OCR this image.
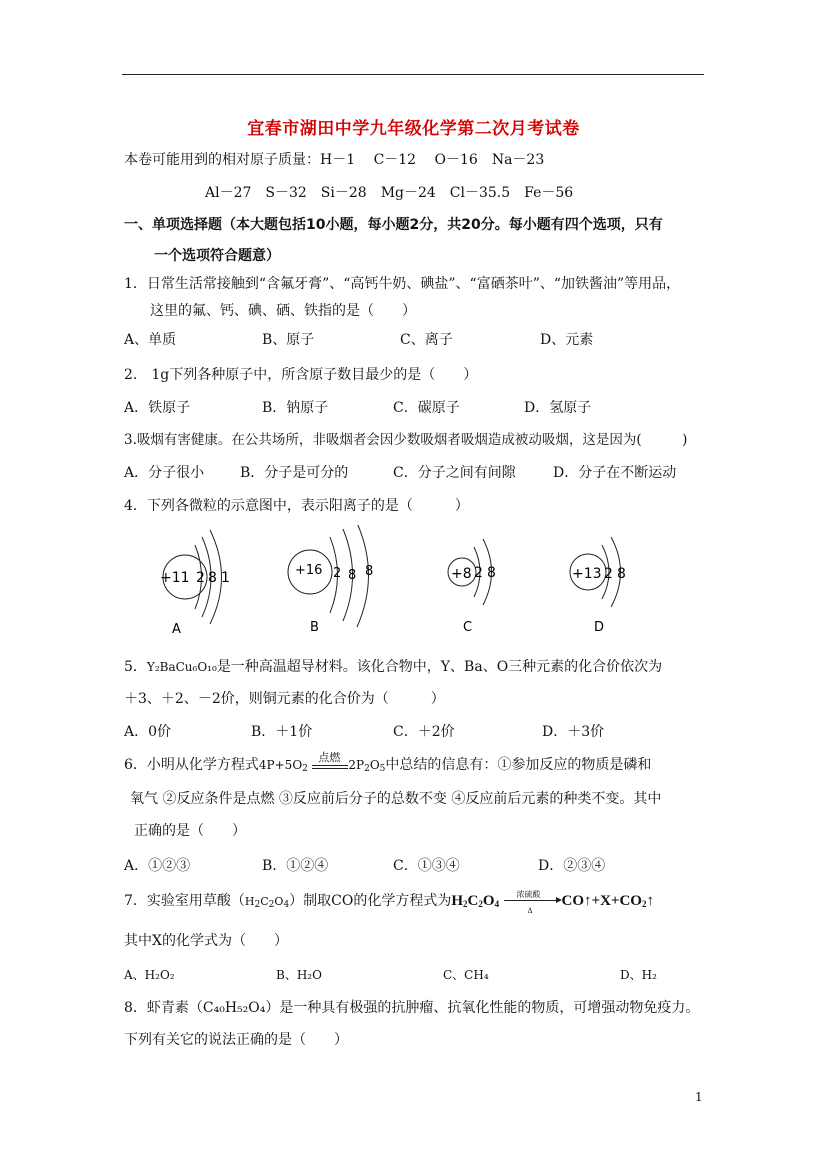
宜春市湖田中学九年级化学第二次月考试卷
本卷可能用到的相对原子质量：H－1　 C－12　 O－16　Na－23
Al－27　S－32　Si－28　Mg－24　Cl－35.5　Fe－56
一、单项选择题（本大题包括10小题，每小题2分，共20分。每小题有四个选项，只有
一个选项符合题意）
1．日常生活常接触到“含氟牙膏”、“高钙牛奶、碘盐”、“富硒茶叶”、“加铁酱油”等用品，
这里的氟、钙、碘、硒、铁指的是（　　）
A、单质	B、原子	C、离子	D、元素
2． 1g下列各种原子中，所含原子数目最少的是（　　）
A．铁原子	B．钠原子	C．碳原子	D．氢原子
3.吸烟有害健康。在公共场所，非吸烟者会因少数吸烟者吸烟造成被动吸烟，这是因为(　　　)
A．分子很小	B．分子是可分的	C．分子之间有间隙	D．分子在不断运动
4．下列各微粒的示意图中，表示阳离子的是（　　　）
+11 2 8 1	+16 2 8 8	+8 2 8	+13 2 8
A	B	C	D
5．Y₂BaCu₆O₁₀是一种高温超导材料。该化合物中，Y、Ba、O三种元素的化合价依次为
＋3、＋2、－2价，则铜元素的化合价为（　　　）
A．0价	B．＋1价	C．＋2价	D．＋3价
6．小明从化学方程式$4P+5O_2$
点燃
$2P_2O_5$中总结的信息有：①参加反应的物质是磷和
氧气 ②反应条件是点燃 ③反应前后分子的总数不变 ④反应前后元素的种类不变。其中
正确的是（　　）
A．①②③	B．①②④	C．①③④	D．②③④
7．实验室用草酸$(H_2C_2O_4)$制取CO的化学方程式为$H_2C_2O_4$
浓硫酸
Δ
$CO↑+X+CO_2↑$
其中X的化学式为（　　）
A、H₂O₂	B、H₂O	C、CH₄	D、H₂
8．虾青素（C₄₀H₅₂O₄）是一种具有极强的抗肿瘤、抗氧化性能的物质，可增强动物免疫力。
下列有关它的说法正确的是（　　）
1
